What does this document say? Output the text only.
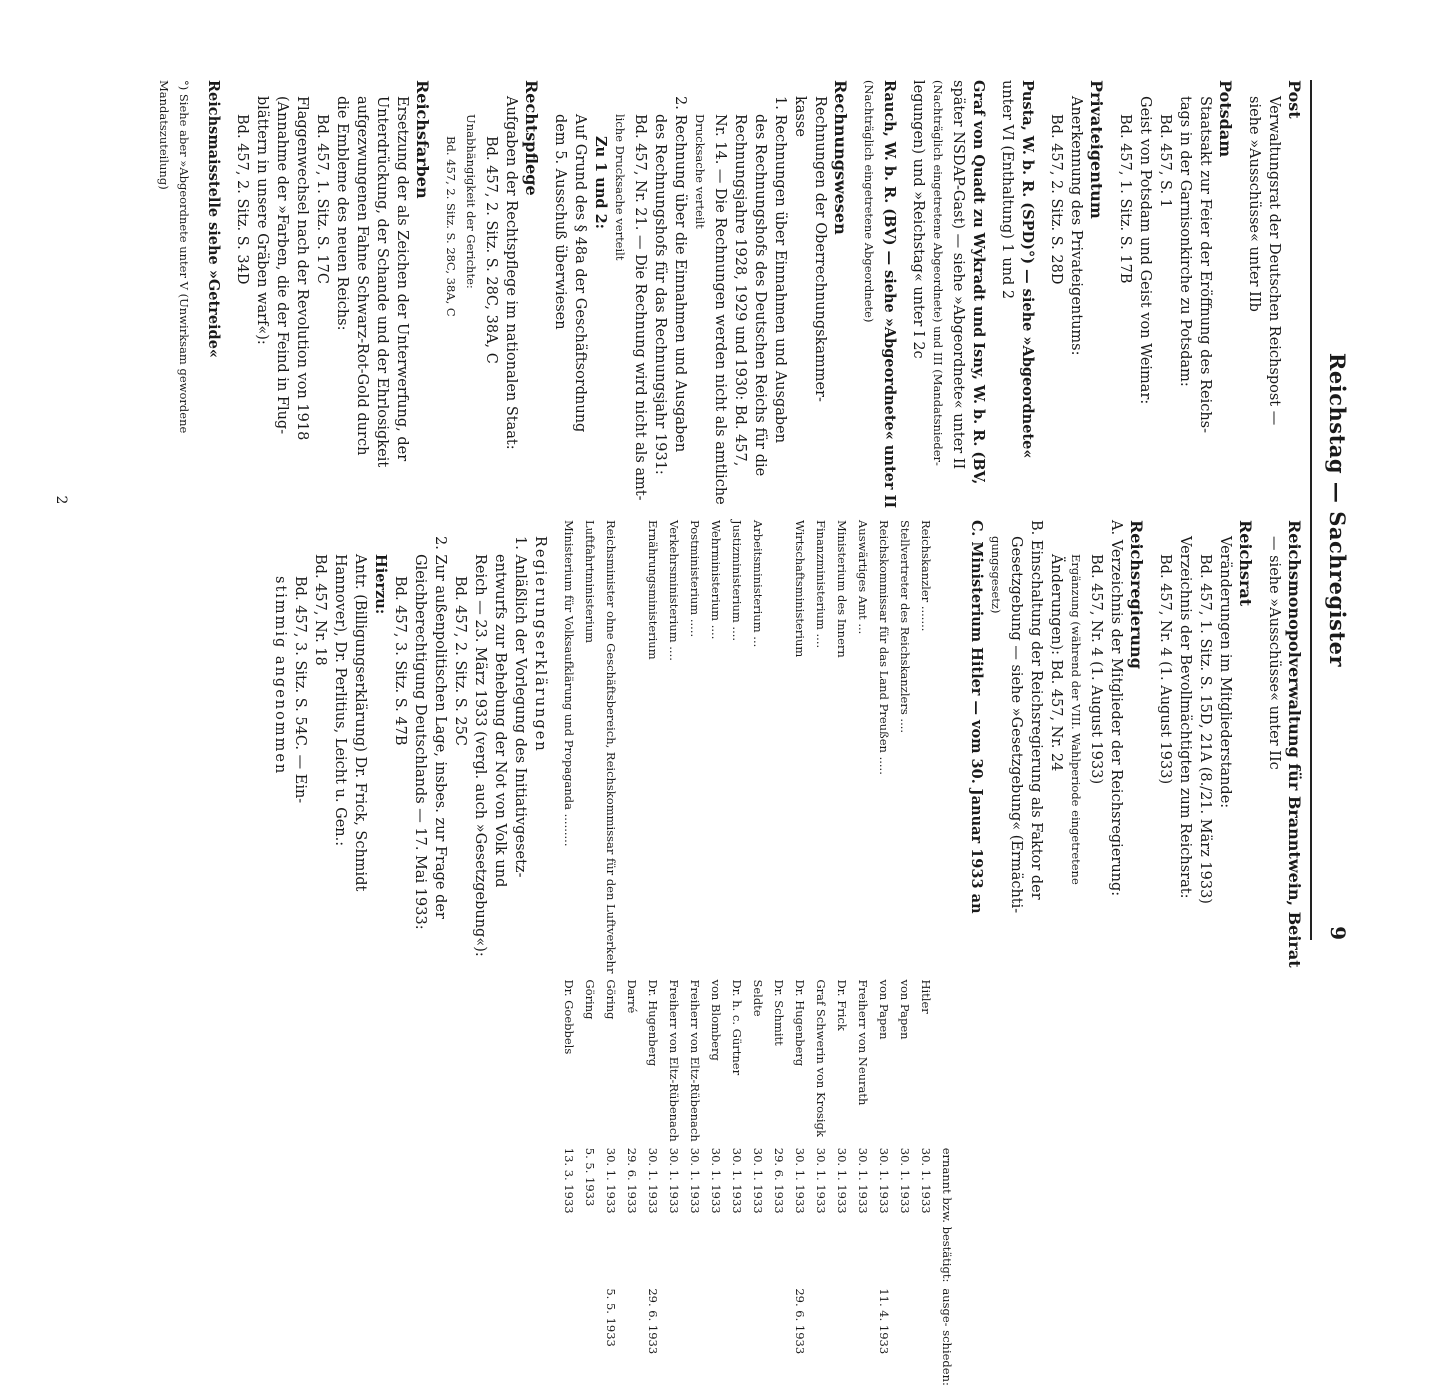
Reichstag — Sachregister
9
Post
Verwaltungsrat der Deutschen Reichspost —
siehe »Ausschüsse« unter IIb
Potsdam
Staatsakt zur Feier der Eröffnung des Reichs-
tags in der Garnisonkirche zu Potsdam:
Bd. 457, S. 1
Geist von Potsdam und Geist von Weimar:
Bd. 457, 1. Sitz. S. 17B
Privateigentum
Anerkennung des Privateigentums:
Bd. 457, 2. Sitz. S. 28D
Pusta, W. b. R. (SPD)°) — siehe »Abgeordnete«
unter VI (Enthaltung) 1 und 2
Graf von Quadt zu Wykradt und Isny, W. b. R. (BV,
später NSDAP-Gast) — siehe »Abgeordnete« unter II
(Nachträglich eingetretene Abgeordnete) und III (Mandatsnieder-
legungen) und »Reichstag« unter I 2c
Rauch, W. b. R. (BV) — siehe »Abgeordnete« unter II
(Nachträglich eingetretene Abgeordnete)
Rechnungswesen
Rechnungen der Oberrechnungskammer-
kasse
1. Rechnungen über Einnahmen und Ausgaben
des Rechnungshofs des Deutschen Reichs für die
Rechnungsjahre 1928, 1929 und 1930: Bd. 457,
Nr. 14. — Die Rechnungen werden nicht als amtliche
Drucksache verteilt
2. Rechnung über die Einnahmen und Ausgaben
des Rechnungshofs für das Rechnungsjahr 1931:
Bd. 457, Nr. 21. — Die Rechnung wird nicht als amt-
liche Drucksache verteilt
Zu 1 und 2:
Auf Grund des § 48a der Geschäftsordnung
dem 5. Ausschuß überwiesen
Rechtspflege
Aufgaben der Rechtspflege im nationalen Staat:
Bd. 457, 2. Sitz. S. 28C, 38A, C
Unabhängigkeit der Gerichte:
Bd. 457, 2. Sitz. S. 28C, 38A, C
Reichsfarben
Ersetzung der als Zeichen der Unterwerfung, der
Unterdrückung, der Schande und der Ehrlosigkeit
aufgezwungenen Fahne Schwarz-Rot-Gold durch
die Embleme des neuen Reichs:
Bd. 457, 1. Sitz. S. 17C
Flaggenwechsel nach der Revolution von 1918
(Annahme der »Farben, die der Feind in Flug-
blättern in unsere Gräben warf«):
Bd. 457, 2. Sitz. S. 34D
Reichsmaisstelle siehe »Getreide«
°) Siehe aber »Abgeordnete unter V (Unwirksam gewordene
Mandatszuteilung)
Reichsmonopolverwaltung für Branntwein, Beirat
— siehe »Ausschüsse« unter IIc
Reichsrat
Veränderungen im Mitgliederstande:
Bd. 457, 1. Sitz. S. 15D, 21A (8./21. März 1933)
Verzeichnis der Bevollmächtigten zum Reichsrat:
Bd. 457, Nr. 4 (1. August 1933)
Reichsregierung
A. Verzeichnis der Mitglieder der Reichsregierung:
Bd. 457, Nr. 4 (1. August 1933)
Ergänzung (während der VIII. Wahlperiode eingetretene
Änderungen): Bd. 457, Nr. 24
B. Einschaltung der Reichsregierung als Faktor der
Gesetzgebung — siehe »Gesetzgebung« (Ermächti-
gungsgesetz)
C. Ministerium Hitler — vom 30. Januar 1933 an
		ernannt bzw. bestätigt:	ausge- schieden:	
Reichskanzler .......	Hitler	30. 1. 1933		
Stellvertreter des Reichskanzlers ....	von Papen	30. 1. 1933		
Reichskommissar für das Land Preußen .....	von Papen	30. 1. 1933	11. 4. 1933	
Auswärtiges Amt ...	Freiherr von Neurath	30. 1. 1933		
Ministerium des Innern	Dr. Frick	30. 1. 1933		
Finanzministerium ....	Graf Schwerin von Krosigk	30. 1. 1933		
Wirtschaftsministerium	Dr. Hugenberg	30. 1. 1933	29. 6. 1933	
	Dr. Schmitt	29. 6. 1933		
Arbeitsministerium ...	Seldte	30. 1. 1933		
Justizministerium ....	Dr. h. c. Gürtner	30. 1. 1933		
Wehrministerium ....	von Blomberg	30. 1. 1933		
Postministerium .....	Freiherr von Eltz-Rübenach	30. 1. 1933		
Verkehrsministerium ....	Freiherr von Eltz-Rübenach	30. 1. 1933		
Ernährungsministerium	Dr. Hugenberg	30. 1. 1933	29. 6. 1933	
	Darré	29. 6. 1933		
Reichsminister ohne Geschäftsbereich, Reichskommissar für den Luftverkehr	Göring	30. 1. 1933	5. 5. 1933	
Luftfahrtministerium	Göring	5. 5. 1933		
Ministerium für Volksaufklärung und Propaganda .........	Dr. Goebbels	13. 3. 1933		
Regierungserklärungen
1. Anläßlich der Vorlegung des Initiativgesetz-
entwurfs zur Behebung der Not von Volk und
Reich — 23. März 1933 (vergl. auch »Gesetzgebung«):
Bd. 457, 2. Sitz. S. 25C
2. Zur außenpolitischen Lage, insbes. zur Frage der
Gleichberechtigung Deutschlands — 17. Mai 1933:
Bd. 457, 3. Sitz. S. 47B
Hierzu:
Antr. (Billigungserklärung) Dr. Frick, Schmidt
Hannover), Dr. Perlitius, Leicht u. Gen.:
Bd. 457, Nr. 18
Bd. 457, 3. Sitz. S. 54C. — Ein-
stimmig angenommen
2
